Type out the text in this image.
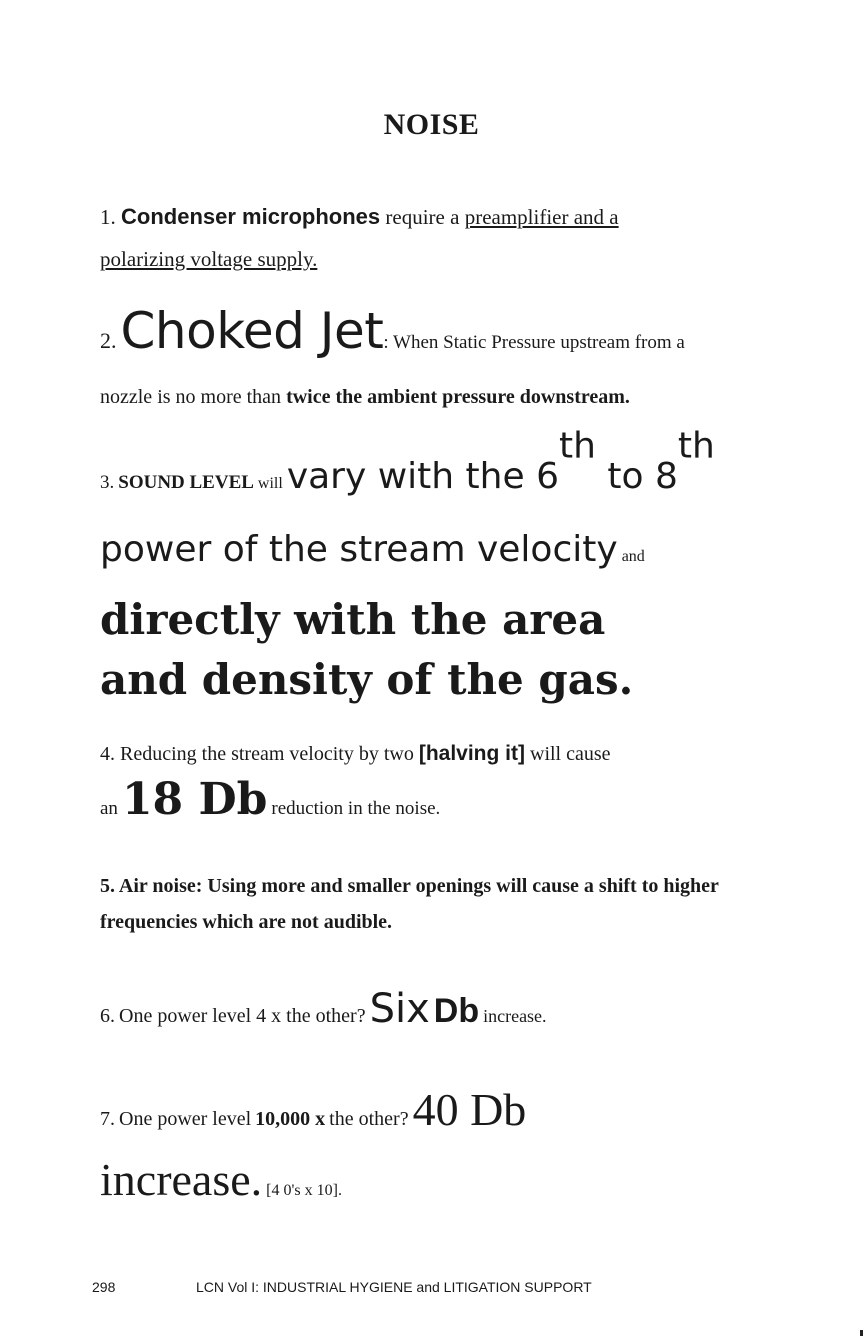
NOISE
1. Condenser microphones require a preamplifier and a
polarizing voltage supply.
2. Choked Jet: When Static Pressure upstream from a
nozzle is no more than twice the ambient pressure downstream.
3. SOUND LEVEL will vary with the 6th to 8th
power of the stream velocity and
directly with the area
and density of the gas.
4. Reducing the stream velocity by two [halving it] will cause
an 18 Db reduction in the noise.
5. Air noise: Using more and smaller openings will cause a shift to higher frequencies which are not audible.
6. One power level 4 x the other? Six Db increase.
7. One power level 10,000 x the other? 40 Db
increase. [4 0's x 10].
298	LCN Vol I: INDUSTRIAL HYGIENE and LITIGATION SUPPORT
